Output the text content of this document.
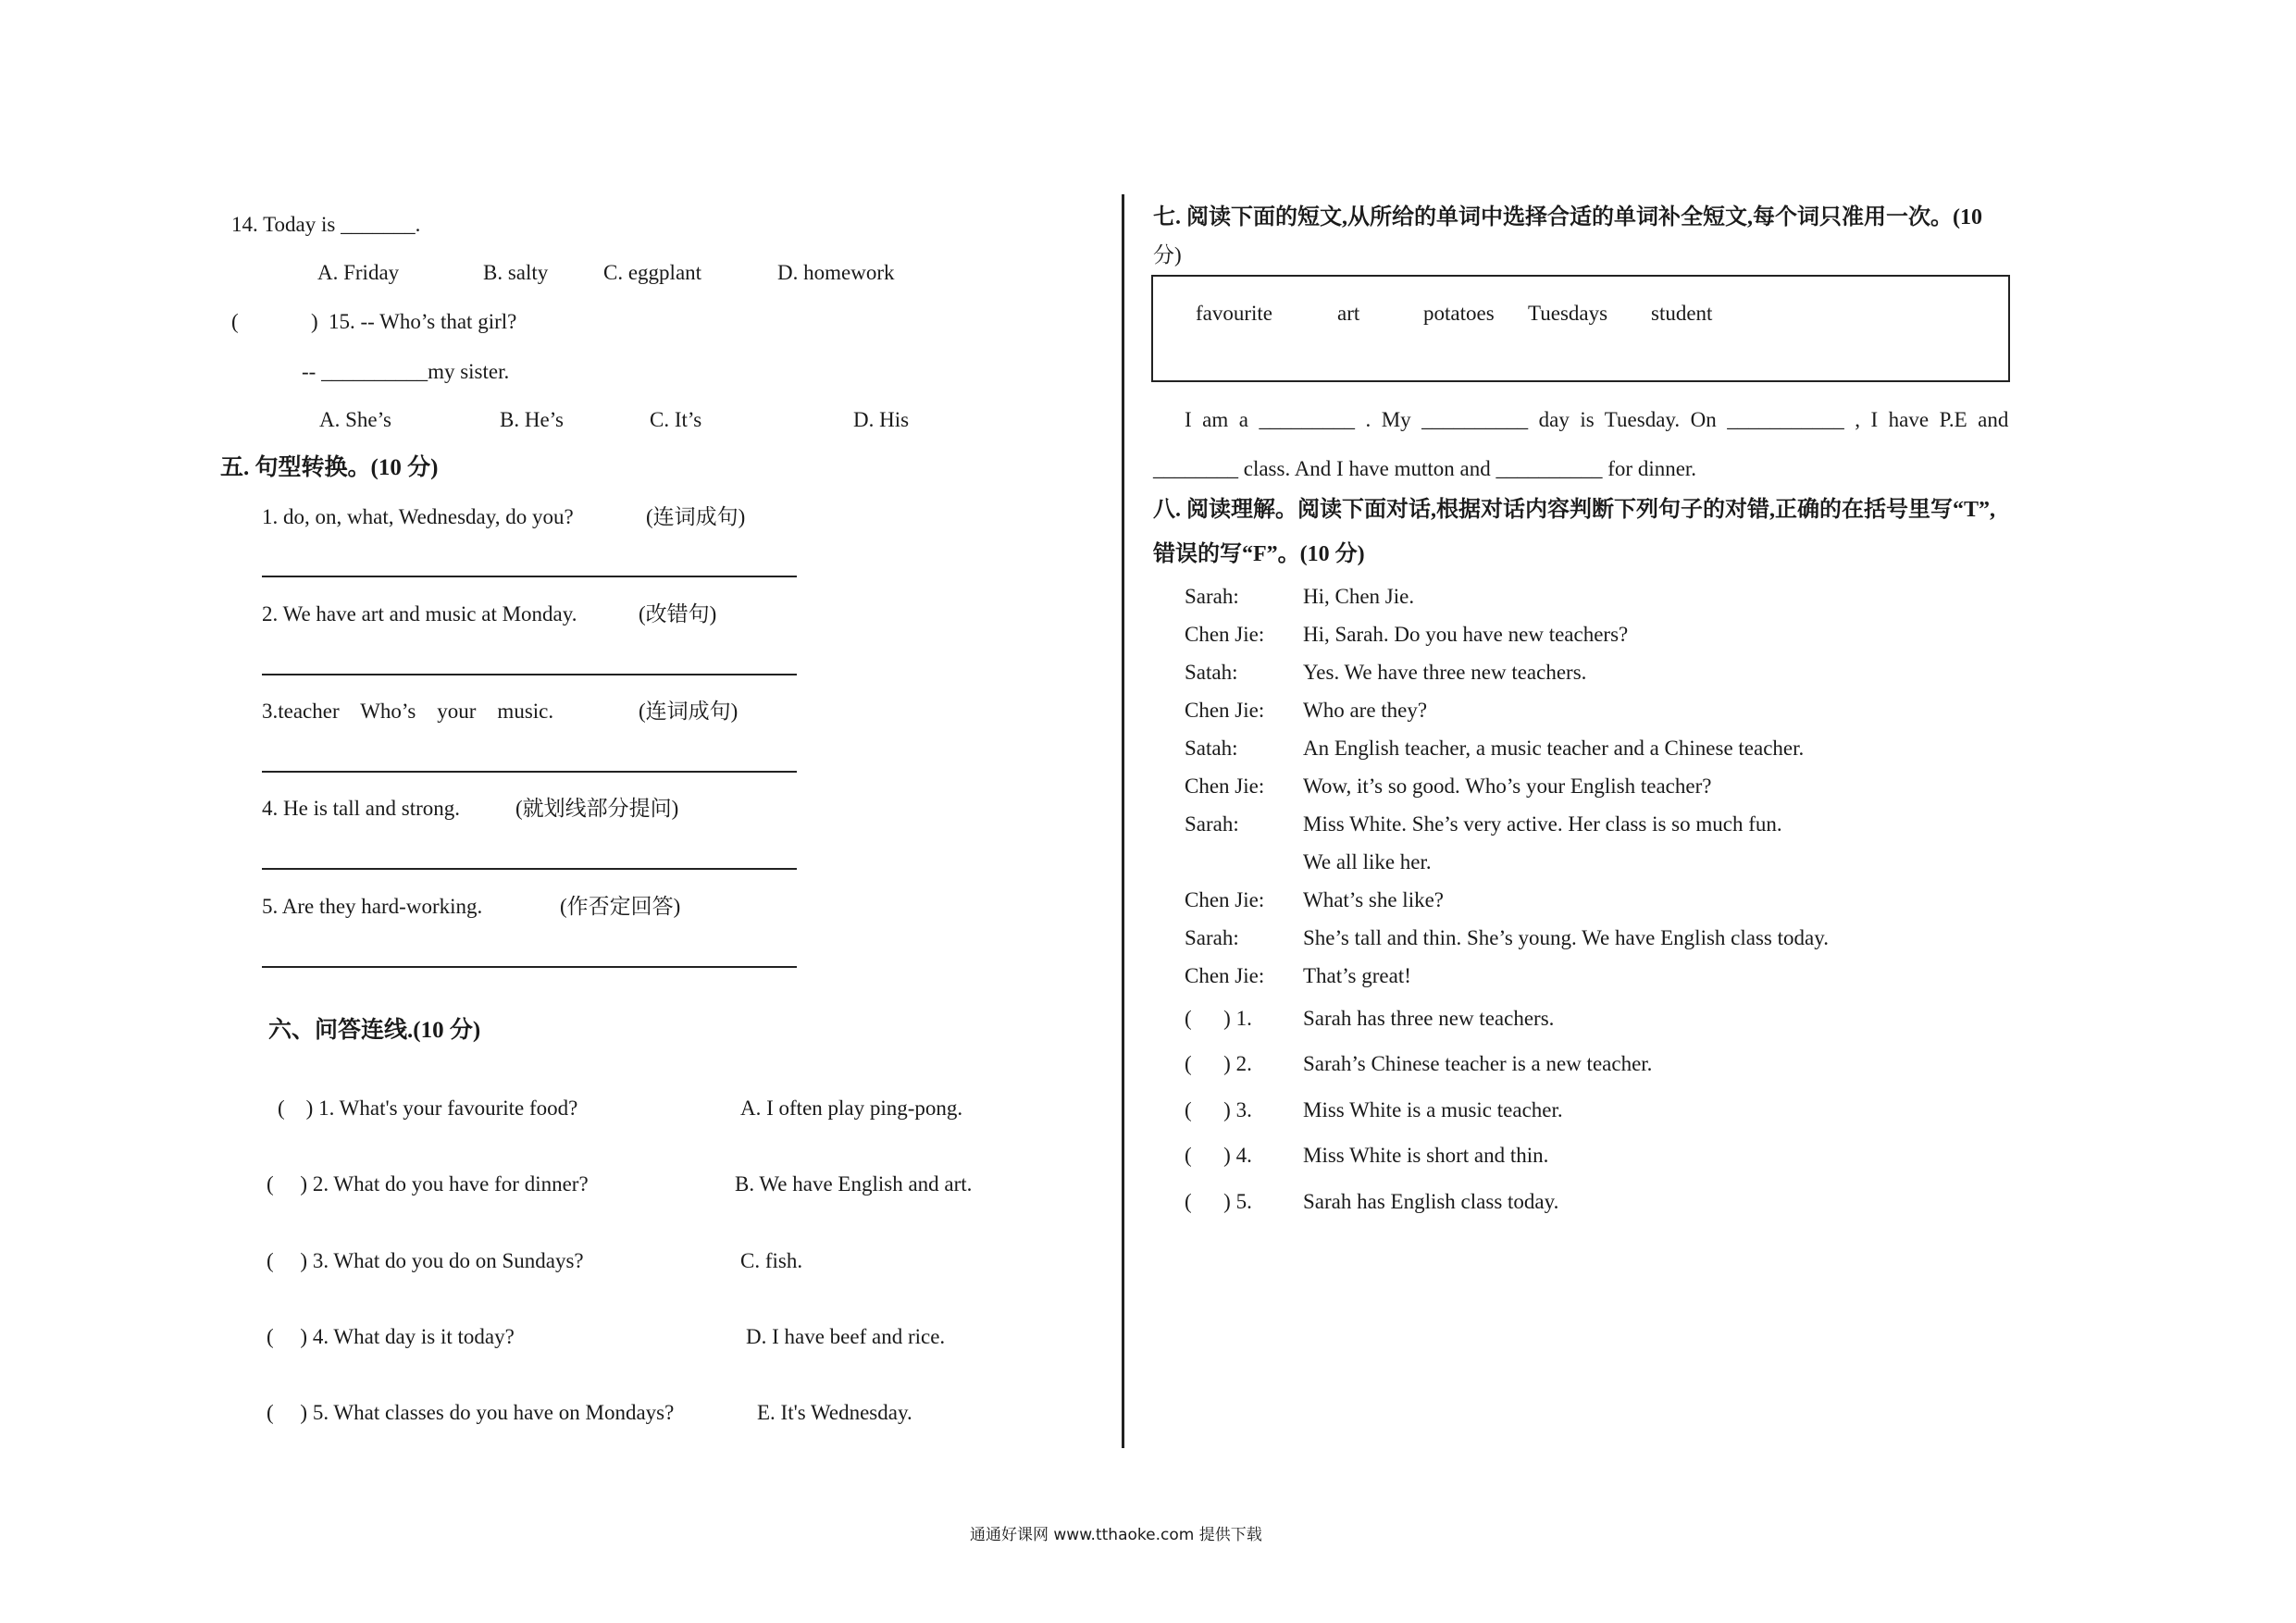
14. Today is _______.
A. Friday	B. salty	C. eggplant	D. homework
(	) 15. -- Who’s that girl?
-- __________my sister.
A. She’s	B. He’s	C. It’s	D. His
五. 句型转换。(10 分)
1. do, on, what, Wednesday, do you?	(连词成句)
2. We have art and music at Monday.	(改错句)
3.teacher    Who’s    your    music.	(连词成句)
4. He is tall and strong.	(就划线部分提问)
5. Are they hard-working.	(作否定回答)
六、问答连线.(10 分)
(    ) 1. What's your favourite food?	A. I often play ping-pong.
(     ) 2. What do you have for dinner?	B. We have English and art.
(     ) 3. What do you do on Sundays?	C. fish.
(     ) 4. What day is it today?	D. I have beef and rice.
(     ) 5. What classes do you have on Mondays?	E. It's Wednesday.
七. 阅读下面的短文,从所给的单词中选择合适的单词补全短文,每个词只准用一次。(10
分)
favourite	art	potatoes Tuesdays student
I  am  a  _________  .  My  __________  day  is  Tuesday.  On  ___________  ,  I  have  P.E  and
________ class. And I have mutton and __________ for dinner.
八. 阅读理解。阅读下面对话,根据对话内容判断下列句子的对错,正确的在括号里写“T”,
错误的写“F”。(10 分)
Sarah:	Hi, Chen Jie.
Chen Jie: Hi, Sarah. Do you have new teachers?
Satah:	Yes. We have three new teachers.
Chen Jie: Who are they?
Satah:	An English teacher, a music teacher and a Chinese teacher.
Chen Jie: Wow, it’s so good. Who’s your English teacher?
Sarah:	Miss White. She’s very active. Her class is so much fun.
We all like her.
Chen Jie: What’s she like?
Sarah:	She’s tall and thin. She’s young. We have English class today.
Chen Jie: That’s great!
(      ) 1. Sarah has three new teachers.
(      ) 2. Sarah’s Chinese teacher is a new teacher.
(      ) 3. Miss White is a music teacher.
(      ) 4. Miss White is short and thin.
(      ) 5. Sarah has English class today.
通通好课网 www.tthaoke.com 提供下载
